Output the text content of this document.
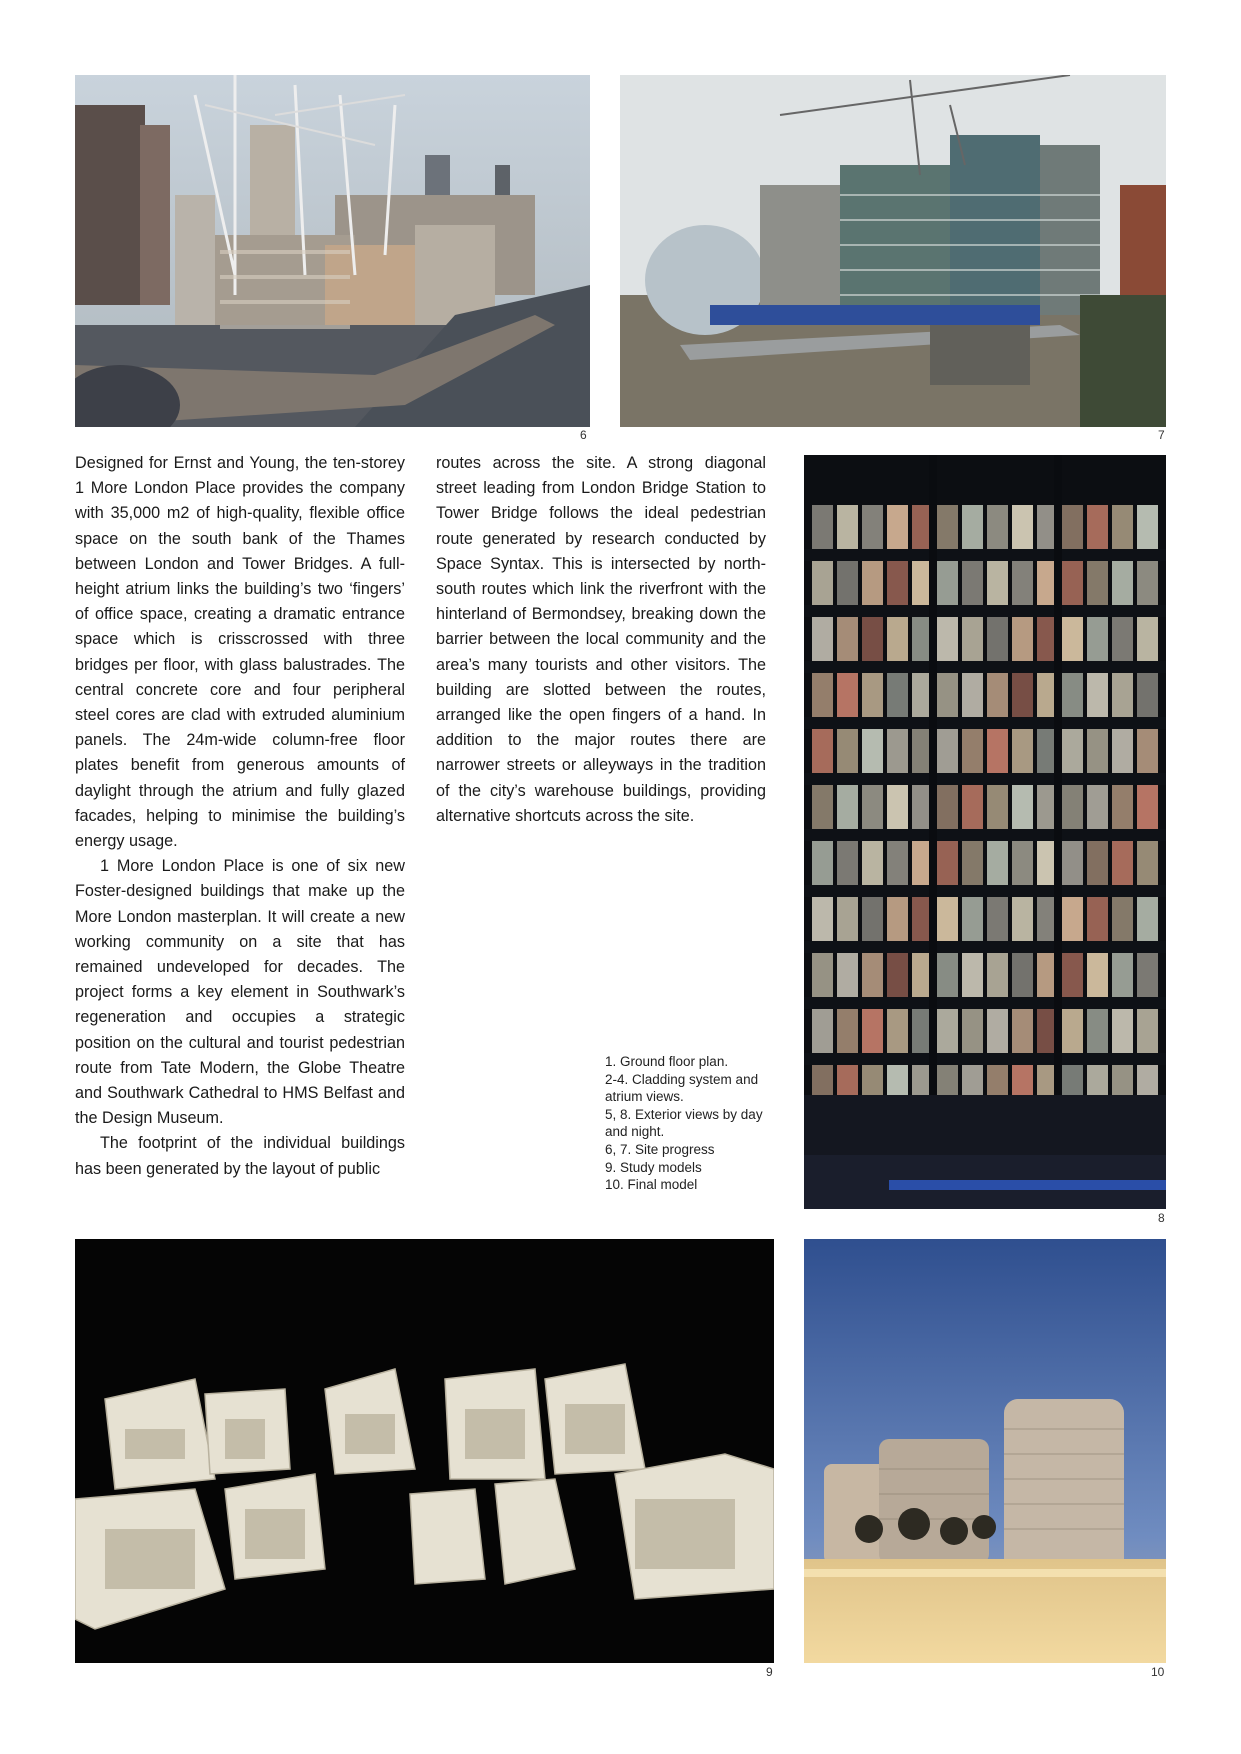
6	7
8

Designed for Ernst and Young, the ten-storey 1 More London Place provides the company with 35,000 m2 of high-quality, flexible office space on the south bank of the Thames between London and Tower Bridges. A full-height atrium links the building’s two ‘fingers’ of office space, creating a dramatic entrance space which is crisscrossed with three bridges per floor, with glass balustrades. The central concrete core and four peripheral steel cores are clad with extruded aluminium panels. The 24m-wide column-free floor plates benefit from generous amounts of daylight through the atrium and fully glazed facades, helping to minimise the building’s energy usage.

1 More London Place is one of six new Foster-designed buildings that make up the More London masterplan. It will create a new working community on a site that has remained undeveloped for decades. The project forms a key element in Southwark’s regeneration and occupies a strategic position on the cultural and tourist pedestrian route from Tate Modern, the Globe Theatre and Southwark Cathedral to HMS Belfast and the Design Museum.

The footprint of the individual buildings has been generated by the layout of public

routes across the site. A strong diagonal street leading from London Bridge Station to Tower Bridge follows the ideal pedestrian route generated by research conducted by Space Syntax. This is intersected by north-south routes which link the riverfront with the hinterland of Bermondsey, breaking down the barrier between the local community and the area’s many tourists and other visitors. The building are slotted between the routes, arranged like the open fingers of a hand. In addition to the major routes there are narrower streets or alleyways in the tradition of the city’s warehouse buildings, providing alternative shortcuts across the site.

1. Ground floor plan.
2-4. Cladding system and atrium views.
5, 8. Exterior views by day and night.
6, 7. Site progress
9. Study models
10. Final model
9	10
